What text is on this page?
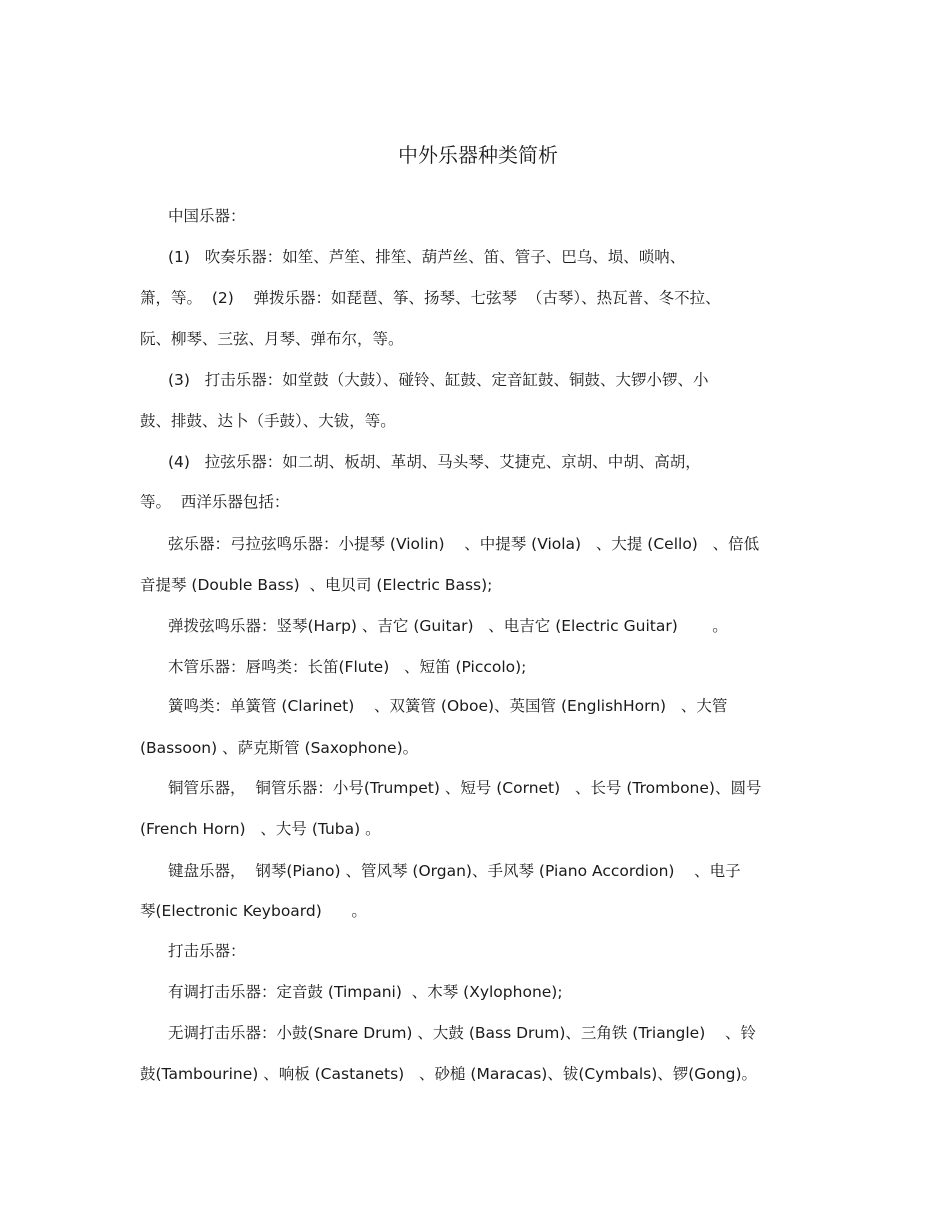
中外乐器种类简析
中国乐器：
(1)   吹奏乐器：如笙、芦笙、排笙、葫芦丝、笛、管子、巴乌、埙、唢呐、
箫，等。  (2)    弹拨乐器：如琵琶、筝、扬琴、七弦琴  （古琴）、热瓦普、冬不拉、
阮、柳琴、三弦、月琴、弹布尔，等。
(3)   打击乐器：如堂鼓（大鼓）、碰铃、缸鼓、定音缸鼓、铜鼓、大锣小锣、小
鼓、排鼓、达卜（手鼓）、大钹，等。
(4)   拉弦乐器：如二胡、板胡、革胡、马头琴、艾捷克、京胡、中胡、高胡，
等。  西洋乐器包括：
弦乐器：弓拉弦鸣乐器：小提琴 (Violin)    、中提琴 (Viola)   、大提 (Cello)   、倍低
音提琴 (Double Bass)  、电贝司 (Electric Bass);
弹拨弦鸣乐器：竖琴(Harp) 、吉它 (Guitar)   、电吉它 (Electric Guitar)       。
木管乐器：唇鸣类：长笛(Flute)   、短笛 (Piccolo);
簧鸣类：单簧管 (Clarinet)    、双簧管 (Oboe)、英国管 (EnglishHorn)   、大管
(Bassoon) 、萨克斯管 (Saxophone)。
铜管乐器，  铜管乐器：小号(Trumpet) 、短号 (Cornet)   、长号 (Trombone)、圆号
(French Horn)   、大号 (Tuba) 。
键盘乐器，  钢琴(Piano) 、管风琴 (Organ)、手风琴 (Piano Accordion)    、电子
琴(Electronic Keyboard)      。
打击乐器：
有调打击乐器：定音鼓 (Timpani)  、木琴 (Xylophone);
无调打击乐器：小鼓(Snare Drum) 、大鼓 (Bass Drum)、三角铁 (Triangle)    、铃
鼓(Tambourine) 、响板 (Castanets)   、砂槌 (Maracas)、钹(Cymbals)、锣(Gong)。
